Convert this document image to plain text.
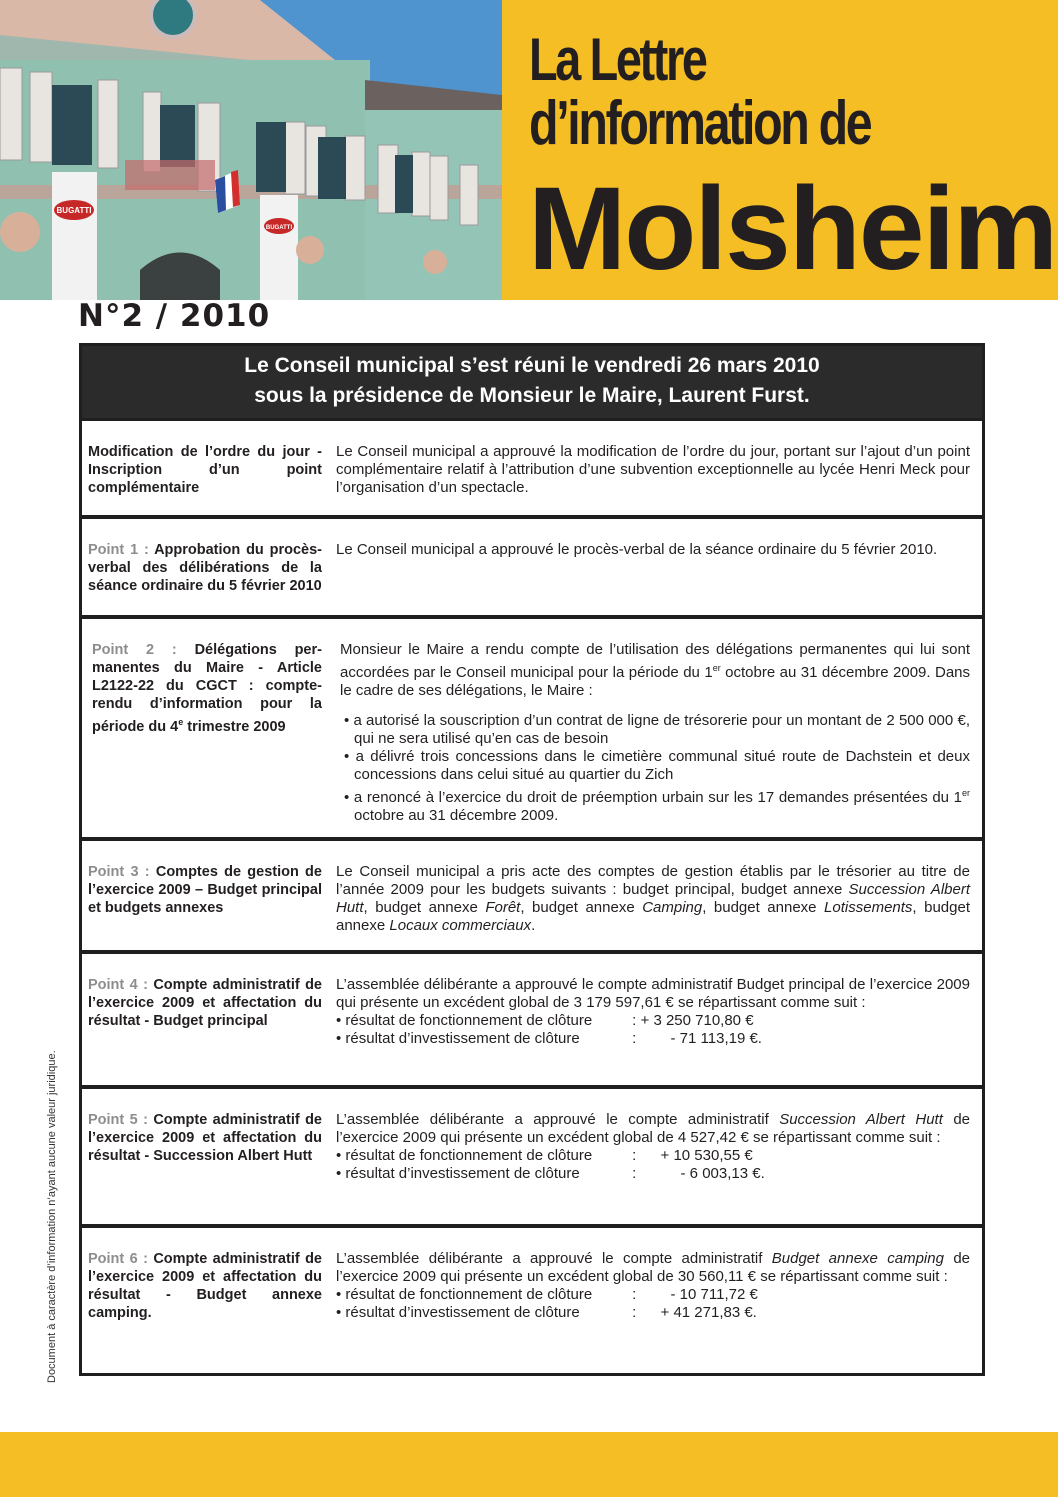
BUGATTI
BUGATTI
La Lettre
d’information de
Molsheim
N°2 / 2010
Document à caractère d’information n’ayant aucune valeur juridique.
Le Conseil municipal s’est réuni le vendredi 26 mars 2010
sous la présidence de Monsieur le Maire, Laurent Furst.
Modification de l’ordre du jour - Inscription d’un point complémentaire
Le Conseil municipal a approuvé la modification de l’ordre du jour, portant sur l’ajout d’un point complémentaire relatif à l’attribution d’une subvention exceptionnelle au lycée Henri Meck pour l’organisation d’un spectacle.
Point 1 : Approbation du procès-verbal des délibérations de la séance ordinaire du 5 février 2010
Le Conseil municipal a approuvé le procès-verbal de la séance ordinaire du 5 février 2010.
Point 2 : Délégations permanentes du Maire - Article L2122-22 du CGCT : compte-rendu d’information pour la période du 4e trimestre 2009
Monsieur le Maire a rendu compte de l’utilisation des délégations permanentes qui lui sont accordées par le Conseil municipal pour la période du 1er octobre au 31 décembre 2009. Dans le cadre de ses délégations, le Maire :
• a autorisé la souscription d’un contrat de ligne de trésorerie pour un montant de 2 500 000 €, qui ne sera utilisé qu’en cas de besoin
• a délivré trois concessions dans le cimetière communal situé route de Dachstein et deux concessions dans celui situé au quartier du Zich
• a renoncé à l’exercice du droit de préemption urbain sur les 17 demandes présentées du 1er octobre au 31 décembre 2009.
Point 3 : Comptes de gestion de l’exercice 2009 – Budget principal et budgets annexes
Le Conseil municipal a pris acte des comptes de gestion établis par le trésorier au titre de l’année 2009 pour les budgets suivants : budget principal, budget annexe Succession Albert Hutt, budget annexe Forêt, budget annexe Camping, budget annexe Lotissements, budget annexe Locaux commerciaux.
Point 4 : Compte administratif de l’exercice 2009 et affectation du résultat - Budget principal
L’assemblée délibérante a approuvé le compte administratif Budget principal de l’exercice 2009 qui présente un excédent global de 3 179 597,61 € se répartissant comme suit :
• résultat de fonctionnement de clôture : + 3 250 710,80 €
• résultat d’investissement de clôture	: - 71 113,19 €.
Point 5 : Compte administratif de l’exercice 2009 et affectation du résultat - Succession Albert Hutt
L’assemblée délibérante a approuvé le compte administratif Succession Albert Hutt de l’exercice 2009 qui présente un excédent global de 4 527,42 € se répartissant comme suit :
• résultat de fonctionnement de clôture : + 10 530,55 €
• résultat d’investissement de clôture	:	- 6 003,13 €.
Point 6 : Compte administratif de l’exercice 2009 et affectation du résultat - Budget annexe camping.
L’assemblée délibérante a approuvé le compte administratif Budget annexe camping de l’exercice 2009 qui présente un excédent global de 30 560,11 € se répartissant comme suit :
• résultat de fonctionnement de clôture : - 10 711,72 €
• résultat d’investissement de clôture	: + 41 271,83 €.
